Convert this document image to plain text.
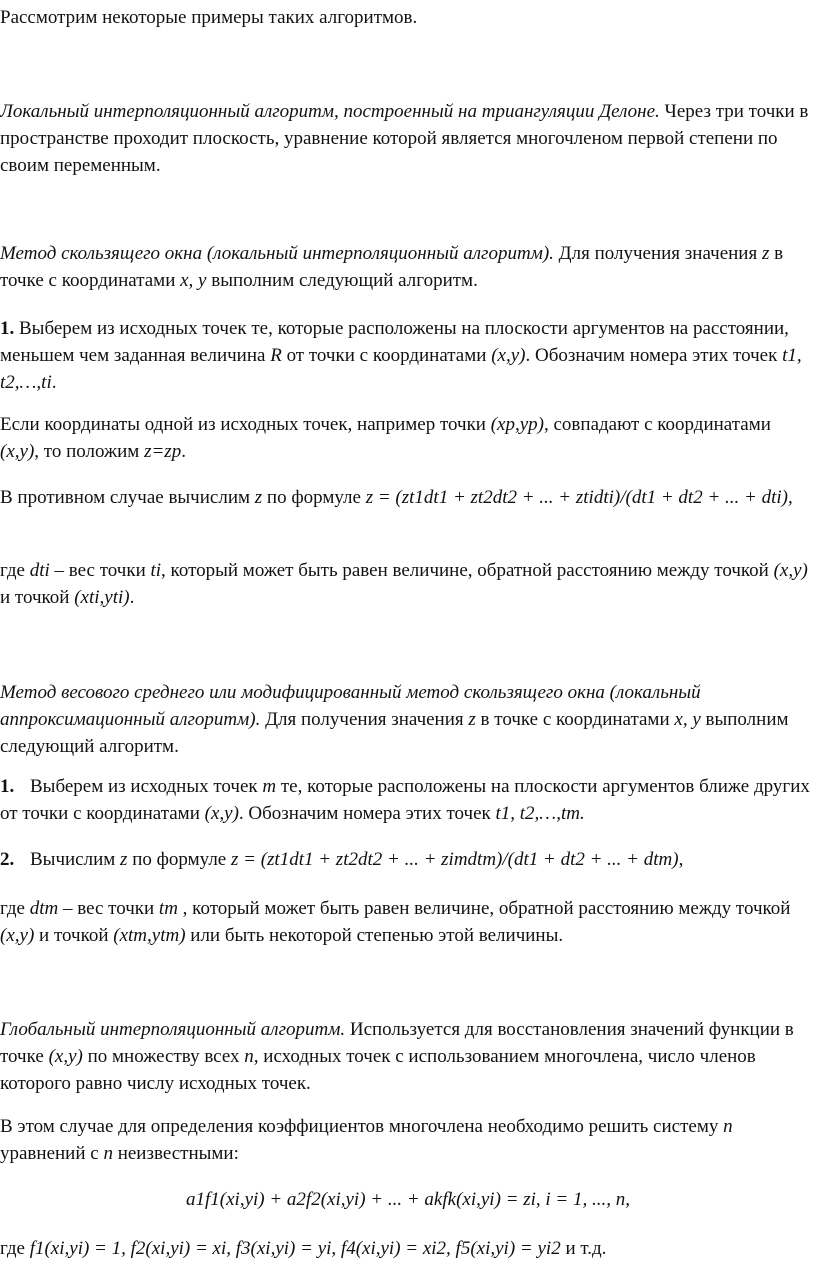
Рассмотрим некоторые примеры таких алгоритмов.
Локальный интерполяционный алгоритм, построенный на триангуляции Делоне. Через три точки в пространстве проходит плоскость, уравнение которой является многочленом первой степени по своим переменным.
Метод скользящего окна (локальный интерполяционный алгоритм). Для получения значения z в точке с координатами x, y выполним следующий алгоритм.
1. Выберем из исходных точек те, которые расположены на плоскости аргументов на расстоянии, меньшем чем заданная величина R от точки с координатами (x,y). Обозначим номера этих точек t1, t2,…,ti.
Если координаты одной из исходных точек, например точки (xp,yp), совпадают с координатами (x,y), то положим z=zp.
В противном случае вычислим z по формуле z = (zt1dt1 + zt2dt2 + ... + ztidti)/(dt1 + dt2 + ... + dti),
где dti – вес точки ti, который может быть равен величине, обратной расстоянию между точкой (x,y) и точкой (xti,yti).
Метод весового среднего или модифицированный метод скользящего окна (локальный аппроксимационный алгоритм). Для получения значения z в точке с координатами x, y выполним следующий алгоритм.
1. Выберем из исходных точек m те, которые расположены на плоскости аргументов ближе других от точки с координатами (x,y). Обозначим номера этих точек t1, t2,…,tm.
2. Вычислим z по формуле z = (zt1dt1 + zt2dt2 + ... + zimdtm)/(dt1 + dt2 + ... + dtm),
где dtm – вес точки tm , который может быть равен величине, обратной расстоянию между точкой (x,y) и точкой (xtm,ytm) или быть некоторой степенью этой величины.
Глобальный интерполяционный алгоритм. Используется для восстановления значений функции в точке (x,y) по множеству всех n, исходных точек с использованием многочлена, число членов которого равно числу исходных точек.
В этом случае для определения коэффициентов многочлена необходимо решить систему n уравнений с n неизвестными:
a1f1(xi,yi) + a2f2(xi,yi) + ... + akfk(xi,yi) = zi, i = 1, ..., n,
где f1(xi,yi) = 1, f2(xi,yi) = xi, f3(xi,yi) = yi, f4(xi,yi) = xi2, f5(xi,yi) = yi2 и т.д.
